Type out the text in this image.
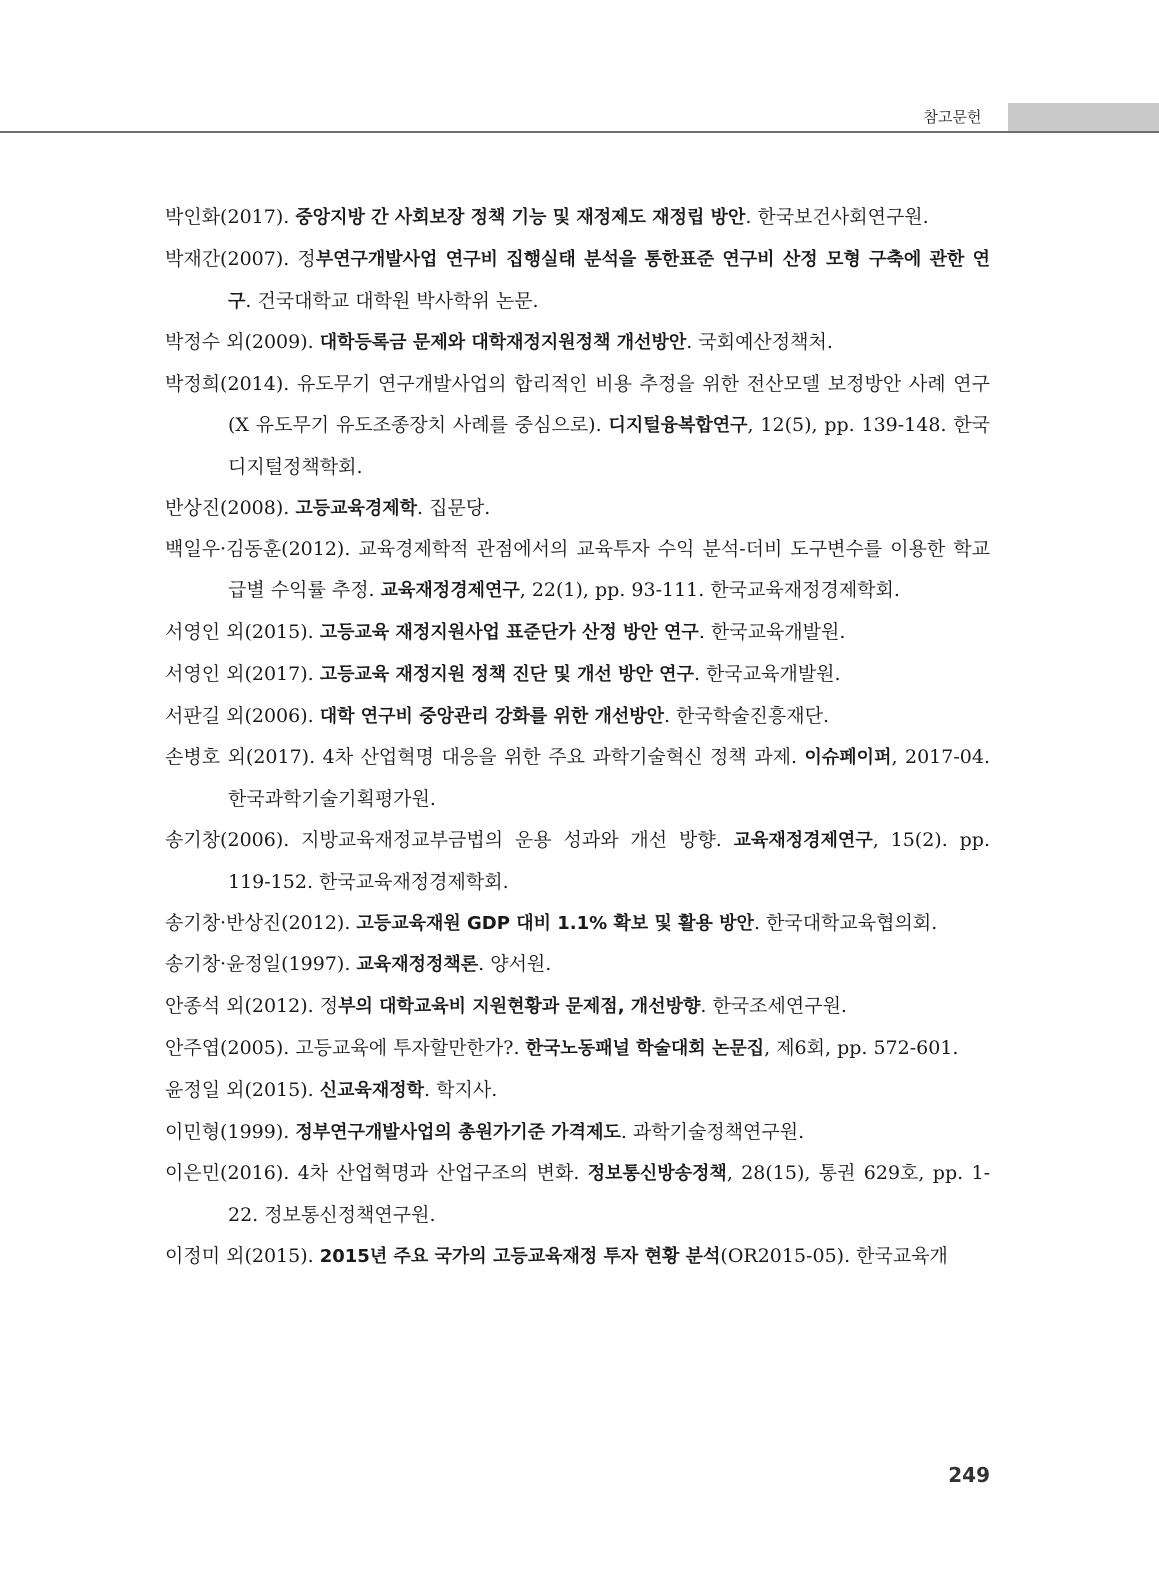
참고문헌
박인화(2017). 중앙지방 간 사회보장 정책 기능 및 재정제도 재정립 방안. 한국보건사회연구원.
박재간(2007). 정부연구개발사업 연구비 집행실태 분석을 통한표준 연구비 산정 모형 구축에 관한 연구. 건국대학교 대학원 박사학위 논문.
박정수 외(2009). 대학등록금 문제와 대학재정지원정책 개선방안. 국회예산정책처.
박정희(2014). 유도무기 연구개발사업의 합리적인 비용 추정을 위한 전산모델 보정방안 사례 연구(X 유도무기 유도조종장치 사례를 중심으로). 디지털융복합연구, 12(5), pp. 139-148. 한국디지털정책학회.
반상진(2008). 고등교육경제학. 집문당.
백일우·김동훈(2012). 교육경제학적 관점에서의 교육투자 수익 분석-더비 도구변수를 이용한 학교급별 수익률 추정. 교육재정경제연구, 22(1), pp. 93-111. 한국교육재정경제학회.
서영인 외(2015). 고등교육 재정지원사업 표준단가 산정 방안 연구. 한국교육개발원.
서영인 외(2017). 고등교육 재정지원 정책 진단 및 개선 방안 연구. 한국교육개발원.
서판길 외(2006). 대학 연구비 중앙관리 강화를 위한 개선방안. 한국학술진흥재단.
손병호 외(2017). 4차 산업혁명 대응을 위한 주요 과학기술혁신 정책 과제. 이슈페이퍼, 2017-04. 한국과학기술기획평가원.
송기창(2006). 지방교육재정교부금법의 운용 성과와 개선 방향. 교육재정경제연구, 15(2). pp. 119-152. 한국교육재정경제학회.
송기창·반상진(2012). 고등교육재원 GDP 대비 1.1% 확보 및 활용 방안. 한국대학교육협의회.
송기창·윤정일(1997). 교육재정정책론. 양서원.
안종석 외(2012). 정부의 대학교육비 지원현황과 문제점, 개선방향. 한국조세연구원.
안주엽(2005). 고등교육에 투자할만한가?. 한국노동패널 학술대회 논문집, 제6회, pp. 572-601.
윤정일 외(2015). 신교육재정학. 학지사.
이민형(1999). 정부연구개발사업의 총원가기준 가격제도. 과학기술정책연구원.
이은민(2016). 4차 산업혁명과 산업구조의 변화. 정보통신방송정책, 28(15), 통권 629호, pp. 1-22. 정보통신정책연구원.
이정미 외(2015). 2015년 주요 국가의 고등교육재정 투자 현황 분석(OR2015-05). 한국교육개
249
